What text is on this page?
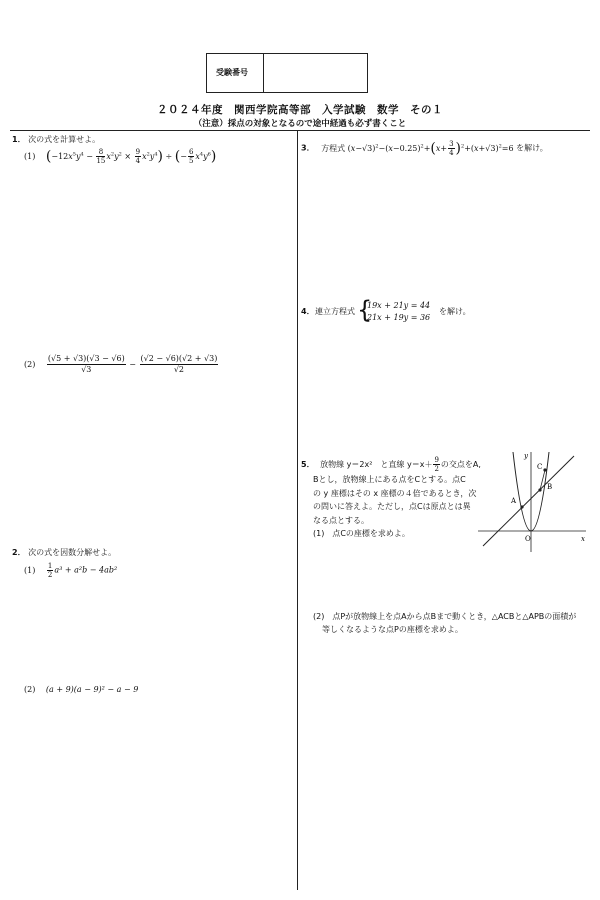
受験番号
２０２４年度　関西学院高等部　入学試験　数学　その１
（注意）採点の対象となるので途中経過も必ず書くこと
1． 次の式を計算せよ。
(1) $(-12x^5y^4 - \frac{8}{15} x^2y^2 \times \frac{9}{4} x^2y^4)$ ÷ (− $\frac{6}{5} x^4y^6$)
$(2) \frac{(√5 + √3)(√3 - √6)}{√3} - \frac{(√2 - √6)(√2 + √3)}{√2}$
2． 次の式を因数分解せよ。
$(1) \frac{1}{2} a^3 + a^2b - 4ab^2$
(2) (a + 9)(a − 9)² − a − 9
3． 方程式 $(x-√3)^2-(x-0.25)^2+(x+ \frac{3}{4} )^2+(x+√3)^2=6$ を解け。
4． 連立方程式 {
19x + 21y = 44
21x + 19y = 36
を解け。
5． 放物線 y＝2x²　と直線 $y=x+ \frac{9}{2}$ の交点をA,
Bとし，放物線上にある点をCとする。点C
の y 座標はその x 座標の４倍であるとき，次
の問いに答えよ。ただし，点Cは原点とは異
なる点とする。
(1)　点Cの座標を求めよ。
y
x
O
A
B
C
(2)　点Pが放物線上を点Aから点Bまで動くとき，△ACBと△APBの面積が
等しくなるような点Pの座標を求めよ。
